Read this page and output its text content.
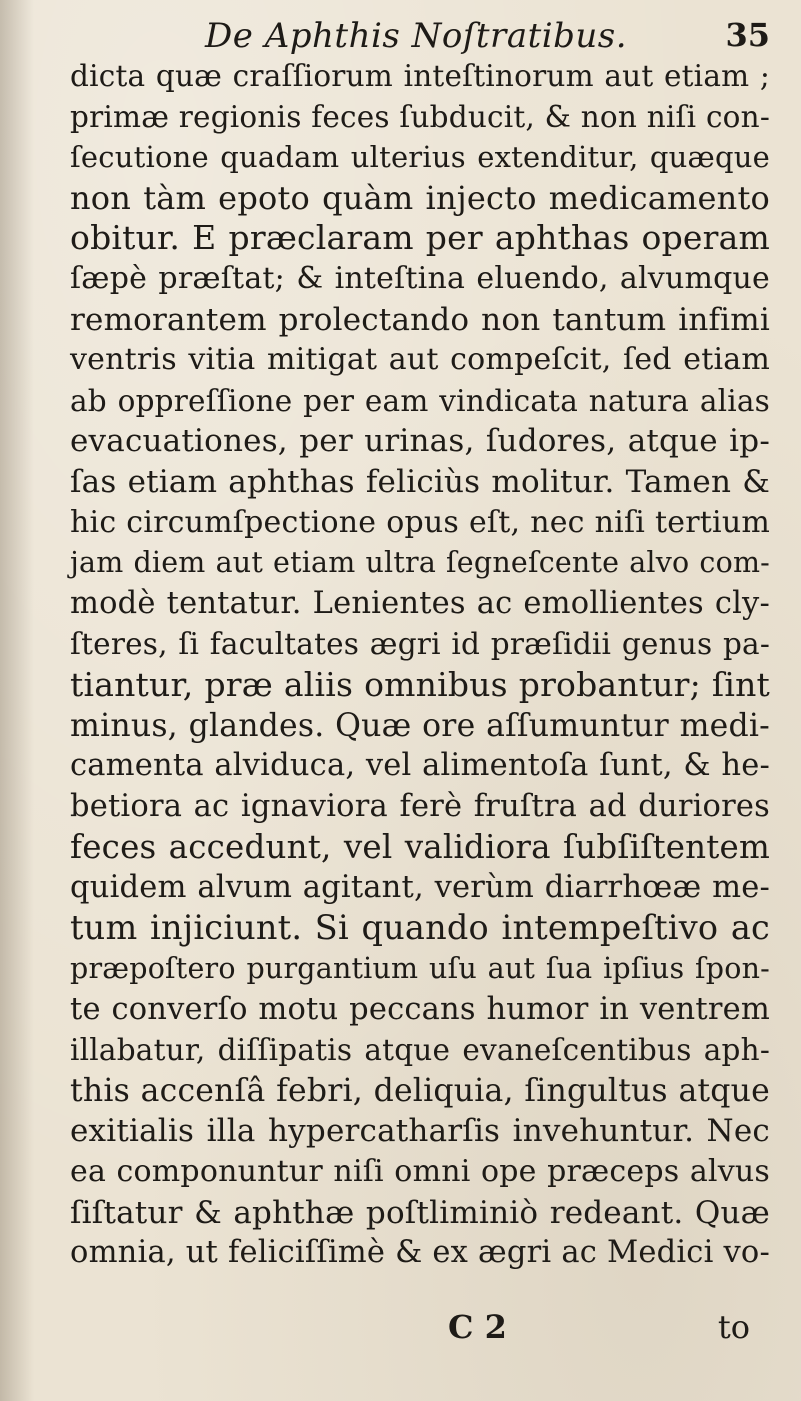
De Aphthis Noſtratibus.	35
dicta quæ craſſiorum inteſtinorum aut etiam ;
primæ regionis feces ſubducit, & non niſi con-
ſecutione quadam ulterius extenditur, quæque
non tàm epoto quàm injecto medicamento
obitur. E præclaram per aphthas operam
ſæpè præſtat; & inteſtina eluendo, alvumque
remorantem prolectando non tantum infimi
ventris vitia mitigat aut compeſcit, ſed etiam
ab oppreſſione per eam vindicata natura alias
evacuationes, per urinas, ſudores, atque ip-
ſas etiam aphthas feliciùs molitur. Tamen &
hic circumſpectione opus eſt, nec niſi tertium
jam diem aut etiam ultra ſegneſcente alvo com-
modè tentatur. Lenientes ac emollientes cly-
ſteres, ſi facultates ægri id præſidii genus pa-
tiantur, præ aliis omnibus probantur; ſint
minus, glandes. Quæ ore aſſumuntur medi-
camenta alviduca, vel alimentoſa ſunt, & he-
betiora ac ignaviora ferè fruſtra ad duriores
feces accedunt, vel validiora ſubſiſtentem
quidem alvum agitant, verùm diarrhœæ me-
tum injiciunt. Si quando intempeſtivo ac
præpoſtero purgantium uſu aut ſua ipſius ſpon-
te converſo motu peccans humor in ventrem
illabatur, diſſipatis atque evaneſcentibus aph-
this accenſâ febri, deliquia, ſingultus atque
exitialis illa hypercatharſis invehuntur. Nec
ea componuntur niſi omni ope præceps alvus
ſiſtatur & aphthæ poſtliminiò redeant. Quæ
omnia, ut feliciſſimè & ex ægri ac Medici vo-
C 2	to
